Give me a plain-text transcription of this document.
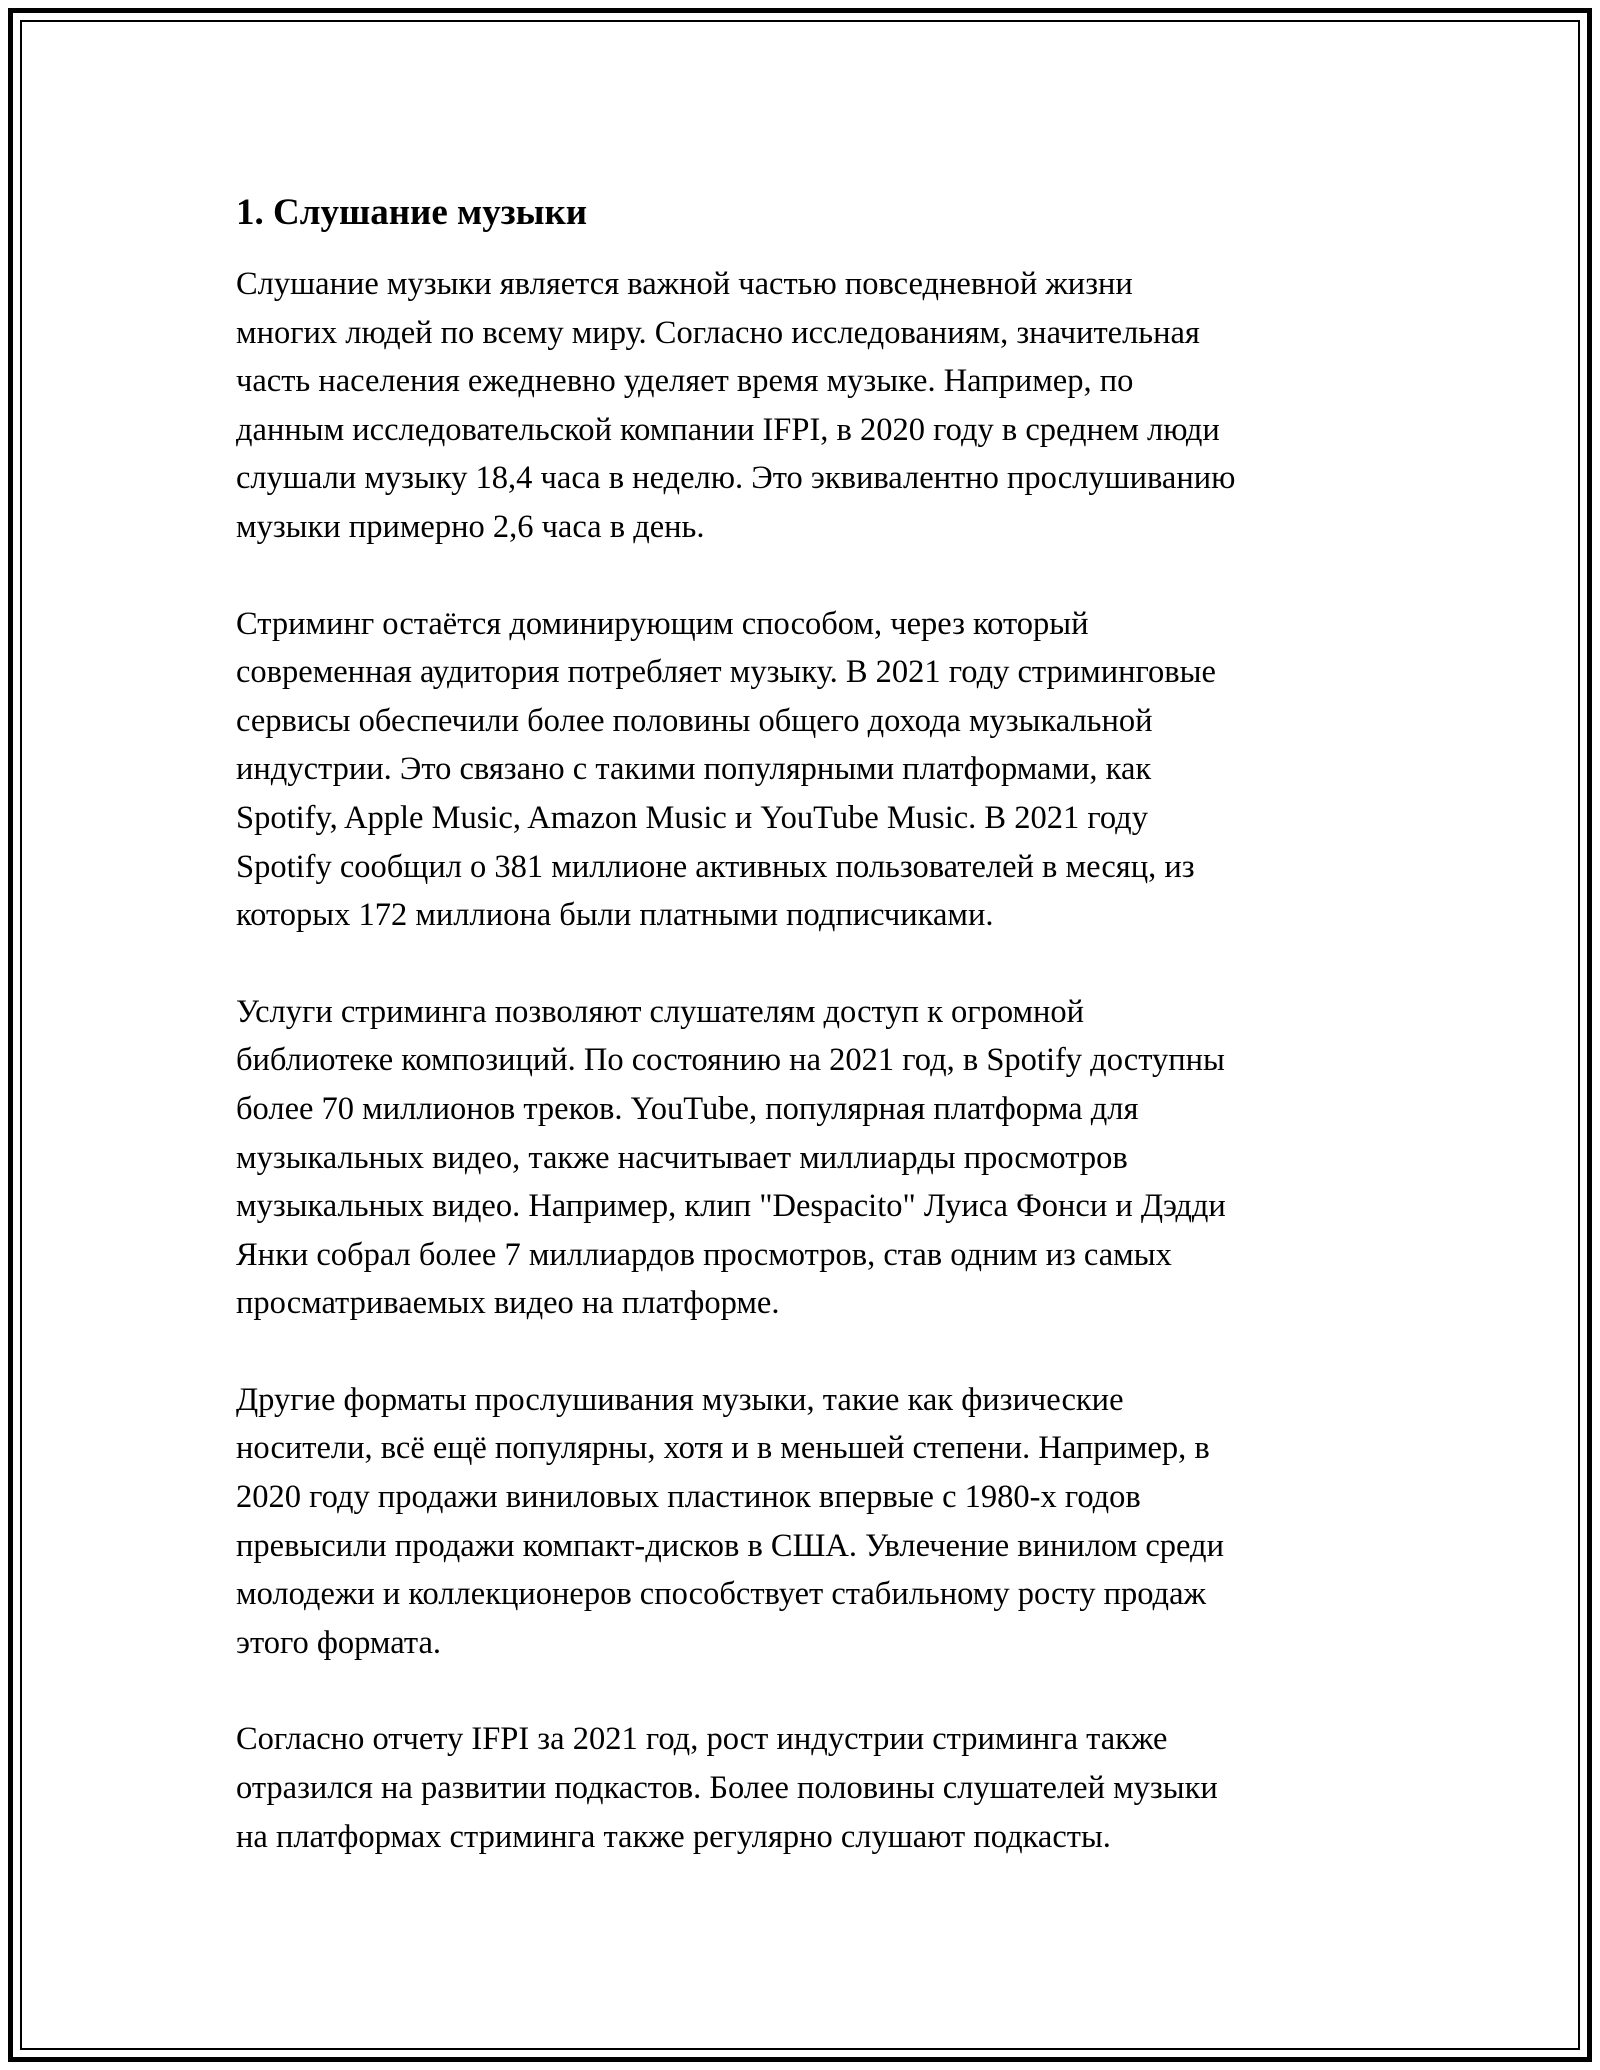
1. Слушание музыки

Слушание музыки является важной частью повседневной жизни
многих людей по всему миру. Согласно исследованиям, значительная
часть населения ежедневно уделяет время музыке. Например, по
данным исследовательской компании IFPI, в 2020 году в среднем люди
слушали музыку 18,4 часа в неделю. Это эквивалентно прослушиванию
музыки примерно 2,6 часа в день.

Стриминг остаётся доминирующим способом, через который
современная аудитория потребляет музыку. В 2021 году стриминговые
сервисы обеспечили более половины общего дохода музыкальной
индустрии. Это связано с такими популярными платформами, как
Spotify, Apple Music, Amazon Music и YouTube Music. В 2021 году
Spotify сообщил о 381 миллионе активных пользователей в месяц, из
которых 172 миллиона были платными подписчиками.

Услуги стриминга позволяют слушателям доступ к огромной
библиотеке композиций. По состоянию на 2021 год, в Spotify доступны
более 70 миллионов треков. YouTube, популярная платформа для
музыкальных видео, также насчитывает миллиарды просмотров
музыкальных видео. Например, клип "Despacito" Луиса Фонси и Дэдди
Янки собрал более 7 миллиардов просмотров, став одним из самых
просматриваемых видео на платформе.

Другие форматы прослушивания музыки, такие как физические
носители, всё ещё популярны, хотя и в меньшей степени. Например, в
2020 году продажи виниловых пластинок впервые с 1980-х годов
превысили продажи компакт-дисков в США. Увлечение винилом среди
молодежи и коллекционеров способствует стабильному росту продаж
этого формата.

Согласно отчету IFPI за 2021 год, рост индустрии стриминга также
отразился на развитии подкастов. Более половины слушателей музыки
на платформах стриминга также регулярно слушают подкасты.
